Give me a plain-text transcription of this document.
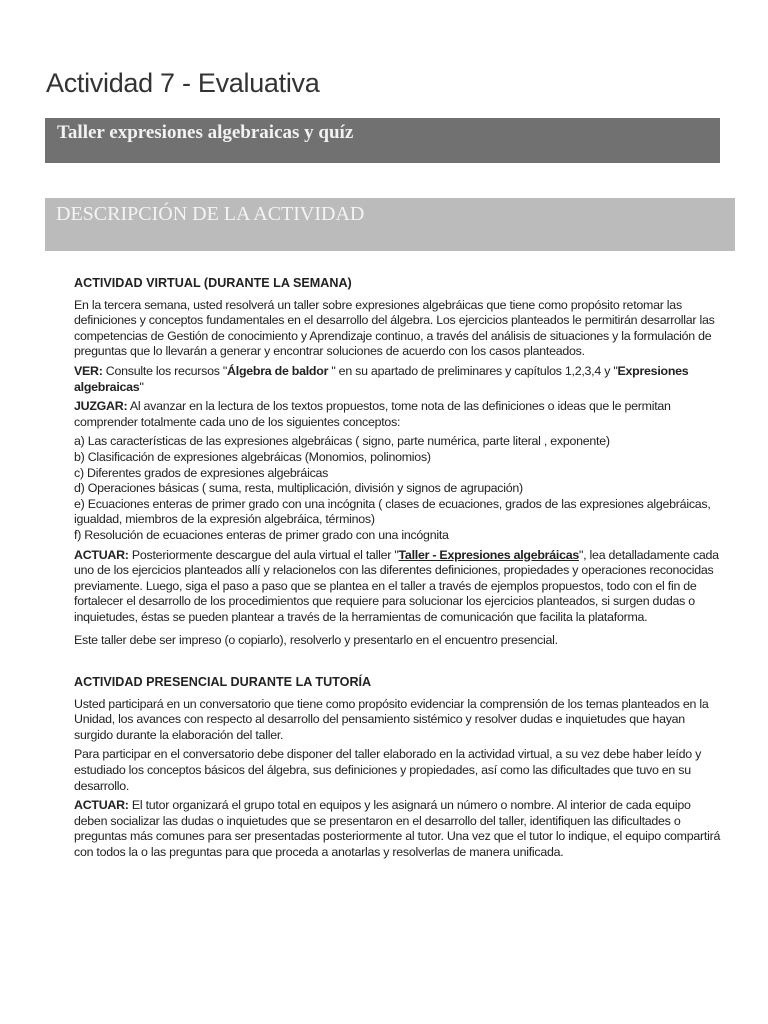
Actividad 7 - Evaluativa
Taller expresiones algebraicas y quíz
DESCRIPCIÓN DE LA ACTIVIDAD
ACTIVIDAD VIRTUAL (DURANTE LA SEMANA)

En la tercera semana, usted resolverá un taller sobre expresiones algebráicas que tiene como propósito retomar las definiciones y conceptos fundamentales en el desarrollo del álgebra. Los ejercicios planteados le permitirán desarrollar las competencias de Gestión de conocimiento y Aprendizaje continuo, a través del análisis de situaciones y la formulación de preguntas que lo llevarán a generar y encontrar soluciones de acuerdo con los casos planteados.

VER: Consulte los recursos "Álgebra de baldor " en su apartado de preliminares y capítulos 1,2,3,4 y "Expresiones algebraicas"

JUZGAR: Al avanzar en la lectura de los textos propuestos, tome nota de las definiciones o ideas que le permitan comprender totalmente cada uno de los siguientes conceptos:

a) Las características de las expresiones algebráicas ( signo, parte numérica, parte literal , exponente)
b) Clasificación de expresiones algebráicas (Monomios, polinomios)
c) Diferentes grados de expresiones algebráicas
d) Operaciones básicas ( suma, resta, multiplicación, división y signos de agrupación)
e) Ecuaciones enteras de primer grado con una incógnita ( clases de ecuaciones, grados de las expresiones algebráicas, igualdad, miembros de la expresión algebráica, términos)
f) Resolución de ecuaciones enteras de primer grado con una incógnita

ACTUAR: Posteriormente descargue del aula virtual el taller "Taller - Expresiones algebráicas", lea detalladamente cada uno de los ejercicios planteados allí y relacionelos con las diferentes definiciones, propiedades y operaciones reconocidas previamente. Luego, siga el paso a paso que se plantea en el taller a través de ejemplos propuestos, todo con el fin de fortalecer el desarrollo de los procedimientos que requiere para solucionar los ejercicios planteados, si surgen dudas o inquietudes, éstas se pueden plantear a través de la herramientas de comunicación que facilita la plataforma.

Este taller debe ser impreso (o copiarlo), resolverlo y presentarlo en el encuentro presencial.

ACTIVIDAD PRESENCIAL DURANTE LA TUTORÍA

Usted participará en un conversatorio que tiene como propósito evidenciar la comprensión de los temas planteados en la Unidad, los avances con respecto al desarrollo del pensamiento sistémico y resolver dudas e inquietudes que hayan surgido durante la elaboración del taller.

Para participar en el conversatorio debe disponer del taller elaborado en la actividad virtual, a su vez debe haber leído y estudiado los conceptos básicos del álgebra, sus definiciones y propiedades, así como las dificultades que tuvo en su desarrollo.

ACTUAR: El tutor organizará el grupo total en equipos y les asignará un número o nombre. Al interior de cada equipo deben socializar las dudas o inquietudes que se presentaron en el desarrollo del taller, identifiquen las dificultades o preguntas más comunes para ser presentadas posteriormente al tutor. Una vez que el tutor lo indique, el equipo compartirá con todos la o las preguntas para que proceda a anotarlas y resolverlas de manera unificada.
